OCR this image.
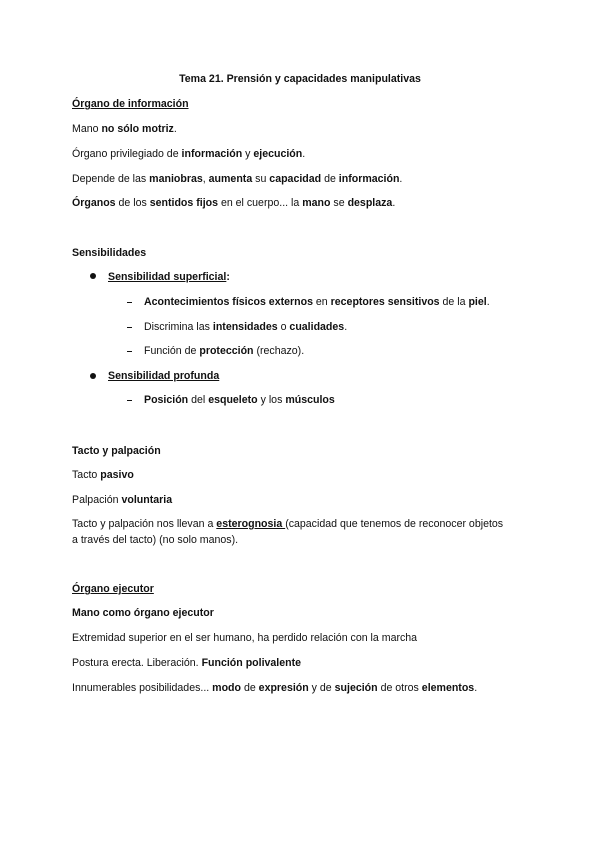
Tema 21. Prensión y capacidades manipulativas
Órgano de información
Mano no sólo motriz.
Órgano privilegiado de información y ejecución.
Depende de las maniobras, aumenta su capacidad de información.
Órganos de los sentidos fijos en el cuerpo... la mano se desplaza.
Sensibilidades
Sensibilidad superficial:
Acontecimientos físicos externos en receptores sensitivos de la piel.
Discrimina las intensidades o cualidades.
Función de protección (rechazo).
Sensibilidad profunda
Posición del esqueleto y los músculos
Tacto y palpación
Tacto pasivo
Palpación voluntaria
Tacto y palpación nos llevan a esterognosia (capacidad que tenemos de reconocer objetos
a través del tacto) (no solo manos).
Órgano ejecutor
Mano como órgano ejecutor
Extremidad superior en el ser humano, ha perdido relación con la marcha
Postura erecta. Liberación. Función polivalente
Innumerables posibilidades... modo de expresión y de sujeción de otros elementos.
